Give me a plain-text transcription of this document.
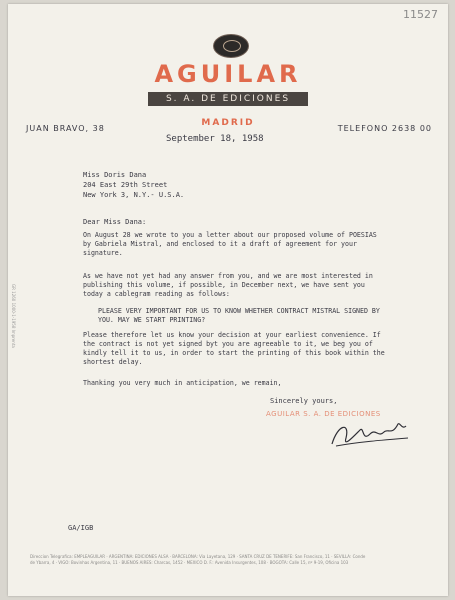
11527
AGUILAR
S. A. DE EDICIONES
JUAN BRAVO, 38
MADRID
TELEFONO 2638 00
September 18, 1958
Miss Doris Dana
204 East 29th Street
New York 3, N.Y.- U.S.A.
Dear Miss Dana:
On August 28 we wrote to you a letter about our proposed volume of POESIAS by Gabriela Mistral, and enclosed to it a draft of agreement for your signature.
As we have not yet had any answer from you, and we are most interested in publishing this volume, if possible, in December next, we have sent you today a cablegram reading as follows:
PLEASE VERY IMPORTANT FOR US TO KNOW WHETHER CONTRACT MISTRAL SIGNED BY YOU. MAY WE START PRINTING?
Please therefore let us know your decision at your earliest convenience. If the contract is not yet signed byt you are agreeable to it, we beg you of kindly tell it to us, in order to start the printing of this book within the shortest delay.
Thanking you very much in anticipation, we remain,
Sincerely yours,
AGUILAR S. A. DE EDICIONES
GR 1260 1000-1-1958 Imprenta
GA/IGB
Direccion Telegrafica: EMPLEAGUILAR · ARGENTINA: EDICIONES ALSA · BARCELONA: Via Layetana, 129 · SANTA CRUZ DE TENERIFE: San Francisco, 11 · SEVILLA: Conde
de Ybarra, 4 · VIGO: Bovinhas Argentina, 11 · BUENOS AIRES: Charcas, 1452 · MEXICO D. F.: Avenida Insurgentes, 108 · BOGOTA: Calle 15, nº 9-19, Oficina 103
